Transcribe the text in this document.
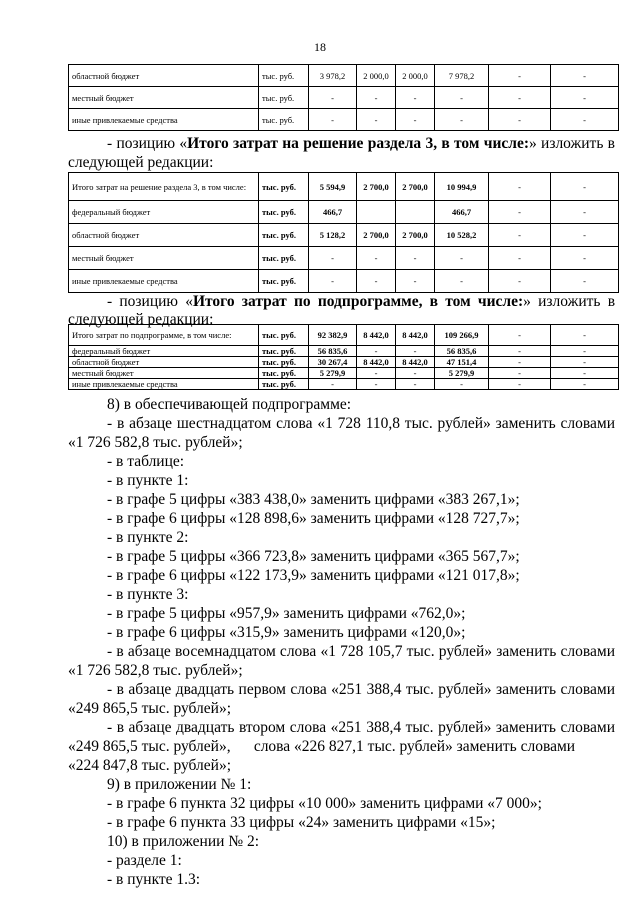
18
областной бюджет	тыс. руб.	3 978,2	2 000,0	2 000,0	7 978,2	-	-
местный бюджет	тыс. руб.	-	-	-	-	-	-
иные привлекаемые средства	тыс. руб.	-	-	-	-	-	-
- позицию «Итого затрат на решение раздела 3, в том числе:» изложить в
следующей редакции:
Итого затрат на решение раздела 3, в том числе:	тыс. руб.	5 594,9	2 700,0	2 700,0	10 994,9	-	-
федеральный бюджет	тыс. руб.	466,7			466,7	-	-
областной бюджет	тыс. руб.	5 128,2	2 700,0	2 700,0	10 528,2	-	-
местный бюджет	тыс. руб.	-	-	-	-	-	-
иные привлекаемые средства	тыс. руб.	-	-	-	-	-	-
- позицию «Итого затрат по подпрограмме, в том числе:» изложить в
следующей редакции:
Итого затрат по подпрограмме, в том числе:	тыс. руб.	92 382,9	8 442,0	8 442,0	109 266,9	-	-
федеральный бюджет	тыс. руб.	56 835,6	-	-	56 835,6	-	-
областной бюджет	тыс. руб.	30 267,4	8 442,0	8 442,0	47 151,4	-	-
местный бюджет	тыс. руб.	5 279,9	-	-	5 279,9	-	-
иные привлекаемые средства	тыс. руб.	-	-	-	-	-	-
8) в обеспечивающей подпрограмме:
- в абзаце шестнадцатом слова «1 728 110,8 тыс. рублей» заменить словами
«1 726 582,8 тыс. рублей»;
- в таблице:
- в пункте 1:
- в графе 5 цифры «383 438,0» заменить цифрами «383 267,1»;
- в графе 6 цифры «128 898,6» заменить цифрами «128 727,7»;
- в пункте 2:
- в графе 5 цифры «366 723,8» заменить цифрами «365 567,7»;
- в графе 6 цифры «122 173,9» заменить цифрами «121 017,8»;
- в пункте 3:
- в графе 5 цифры «957,9» заменить цифрами «762,0»;
- в графе 6 цифры «315,9» заменить цифрами «120,0»;
- в абзаце восемнадцатом слова «1 728 105,7 тыс. рублей» заменить словами
«1 726 582,8 тыс. рублей»;
- в абзаце двадцать первом слова «251 388,4 тыс. рублей» заменить словами
«249 865,5 тыс. рублей»;
- в абзаце двадцать втором слова «251 388,4 тыс. рублей» заменить словами
«249 865,5 тыс. рублей»,      слова «226 827,1 тыс. рублей» заменить словами
«224 847,8 тыс. рублей»;
9) в приложении № 1:
- в графе 6 пункта 32 цифры «10 000» заменить цифрами «7 000»;
- в графе 6 пункта 33 цифры «24» заменить цифрами «15»;
10) в приложении № 2:
- разделе 1:
- в пункте 1.3:
